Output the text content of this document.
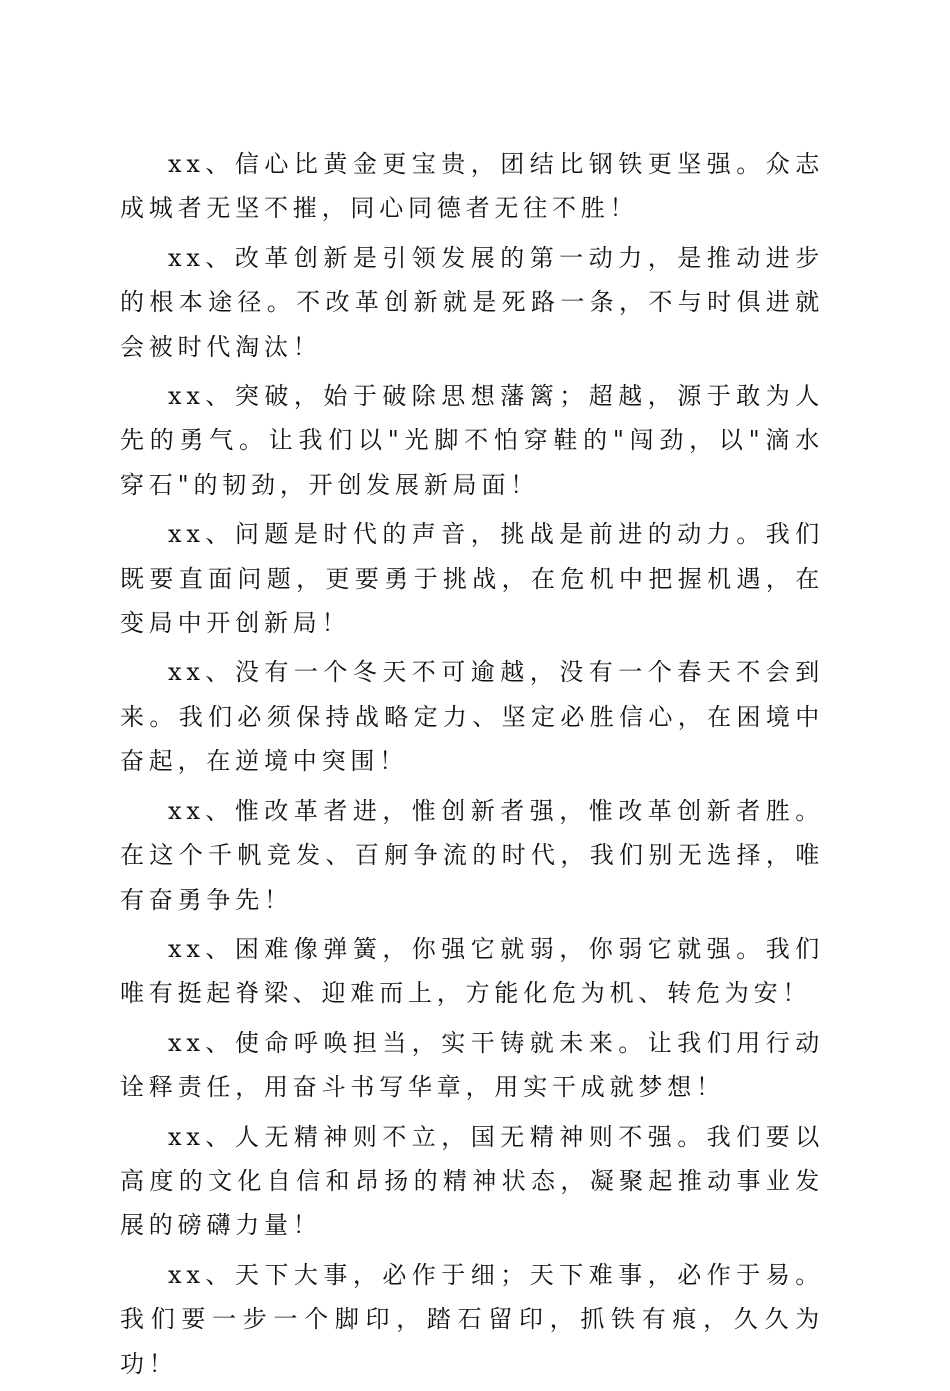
xx、信心比黄金更宝贵，团结比钢铁更坚强。众志成城者无坚不摧，同心同德者无往不胜！

xx、改革创新是引领发展的第一动力，是推动进步的根本途径。不改革创新就是死路一条，不与时俱进就会被时代淘汰！

xx、突破，始于破除思想藩篱；超越，源于敢为人先的勇气。让我们以"光脚不怕穿鞋的"闯劲，以"滴水穿石"的韧劲，开创发展新局面！

xx、问题是时代的声音，挑战是前进的动力。我们既要直面问题，更要勇于挑战，在危机中把握机遇，在变局中开创新局！

xx、没有一个冬天不可逾越，没有一个春天不会到来。我们必须保持战略定力、坚定必胜信心，在困境中奋起，在逆境中突围！

xx、惟改革者进，惟创新者强，惟改革创新者胜。在这个千帆竞发、百舸争流的时代，我们别无选择，唯有奋勇争先！

xx、困难像弹簧，你强它就弱，你弱它就强。我们唯有挺起脊梁、迎难而上，方能化危为机、转危为安！

xx、使命呼唤担当，实干铸就未来。让我们用行动诠释责任，用奋斗书写华章，用实干成就梦想！

xx、人无精神则不立，国无精神则不强。我们要以高度的文化自信和昂扬的精神状态，凝聚起推动事业发展的磅礴力量！

xx、天下大事，必作于细；天下难事，必作于易。我们要一步一个脚印，踏石留印，抓铁有痕，久久为功！
